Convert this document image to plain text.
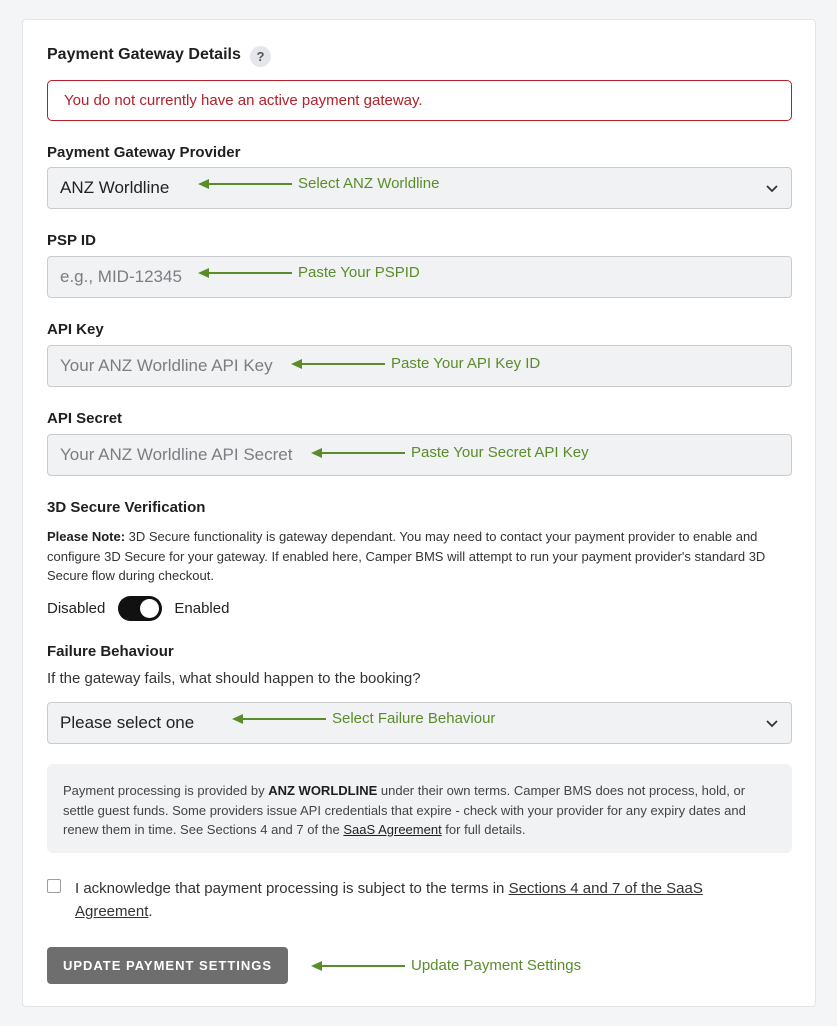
Payment Gateway Details	?
You do not currently have an active payment gateway.
Payment Gateway Provider
ANZ Worldline	Select ANZ Worldline
PSP ID
e.g., MID-12345	Paste Your PSPID
API Key
Your ANZ Worldline API Key	Paste Your API Key ID
API Secret
Your ANZ Worldline API Secret	Paste Your Secret API Key
3D Secure Verification
Please Note: 3D Secure functionality is gateway dependant. You may need to contact your payment provider to enable and configure 3D Secure for your gateway. If enabled here, Camper BMS will attempt to run your payment provider's standard 3D Secure flow during checkout.
Disabled	Enabled
Failure Behaviour
If the gateway fails, what should happen to the booking?
Please select one	Select Failure Behaviour
Payment processing is provided by ANZ WORLDLINE under their own terms. Camper BMS does not process, hold, or settle guest funds. Some providers issue API credentials that expire - check with your provider for any expiry dates and renew them in time. See Sections 4 and 7 of the SaaS Agreement for full details.
I acknowledge that payment processing is subject to the terms in Sections 4 and 7 of the SaaS Agreement.
UPDATE PAYMENT SETTINGS	Update Payment Settings
